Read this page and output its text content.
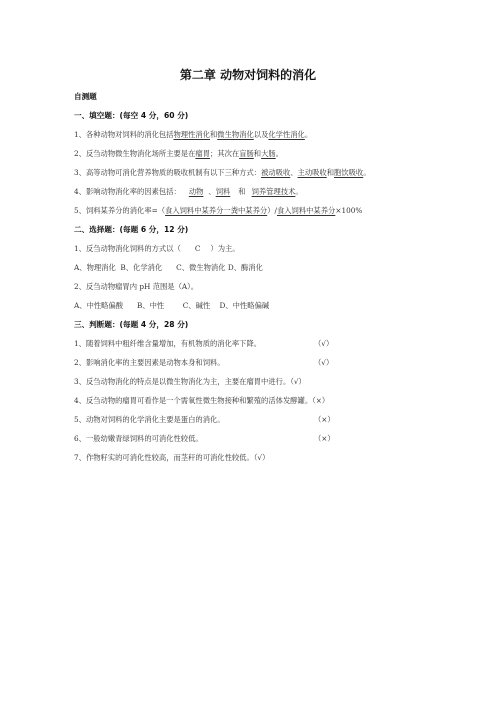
第二章 动物对饲料的消化
自测题
一、填空题：(每空 4 分，60 分)
1、各种动物对饲料的消化包括物理性消化和微生物消化以及化学性消化。
2、反刍动物微生物消化场所主要是在瘤胃；其次在盲肠和大肠。
3、高等动物可消化营养物质的吸收机制有以下三种方式：被动吸收、主动吸收和胞饮吸收。
4、影响动物消化率的因素包括： 动物 、饲料 和 饲养管理技术。
5、饲料某养分的消化率=（食入饲料中某养分一粪中某养分）/食入饲料中某养分×100%
二、选择题：(每题 6 分，12 分)
1、反刍动物消化饲料的方式以（ C ）为主。
A、物理消化  B、化学消化      C、微生物消化 D、酶消化
2、反刍动物瘤胃内 pH 范围是（A）。
A、中性略偏酸      B、中性        C、碱性    D、中性略偏碱
三、判断题：(每题 4 分，28 分)
1、随着饲料中粗纤维含量增加，有机物质的消化率下降。	（√）
2、影响消化率的主要因素是动物本身和饲料。	（√）
3、反刍动物消化的特点是以微生物消化为主，主要在瘤胃中进行。（√）
4、反刍动物的瘤胃可看作是一个需氧性微生物接种和繁殖的活体发酵罐。（×）
5、动物对饲料的化学消化主要是蛋白的消化。	（×）
6、一般幼嫩青绿饲料的可消化性较低。	（×）
7、作物籽实的可消化性较高，而茎秆的可消化性较低。（√）
